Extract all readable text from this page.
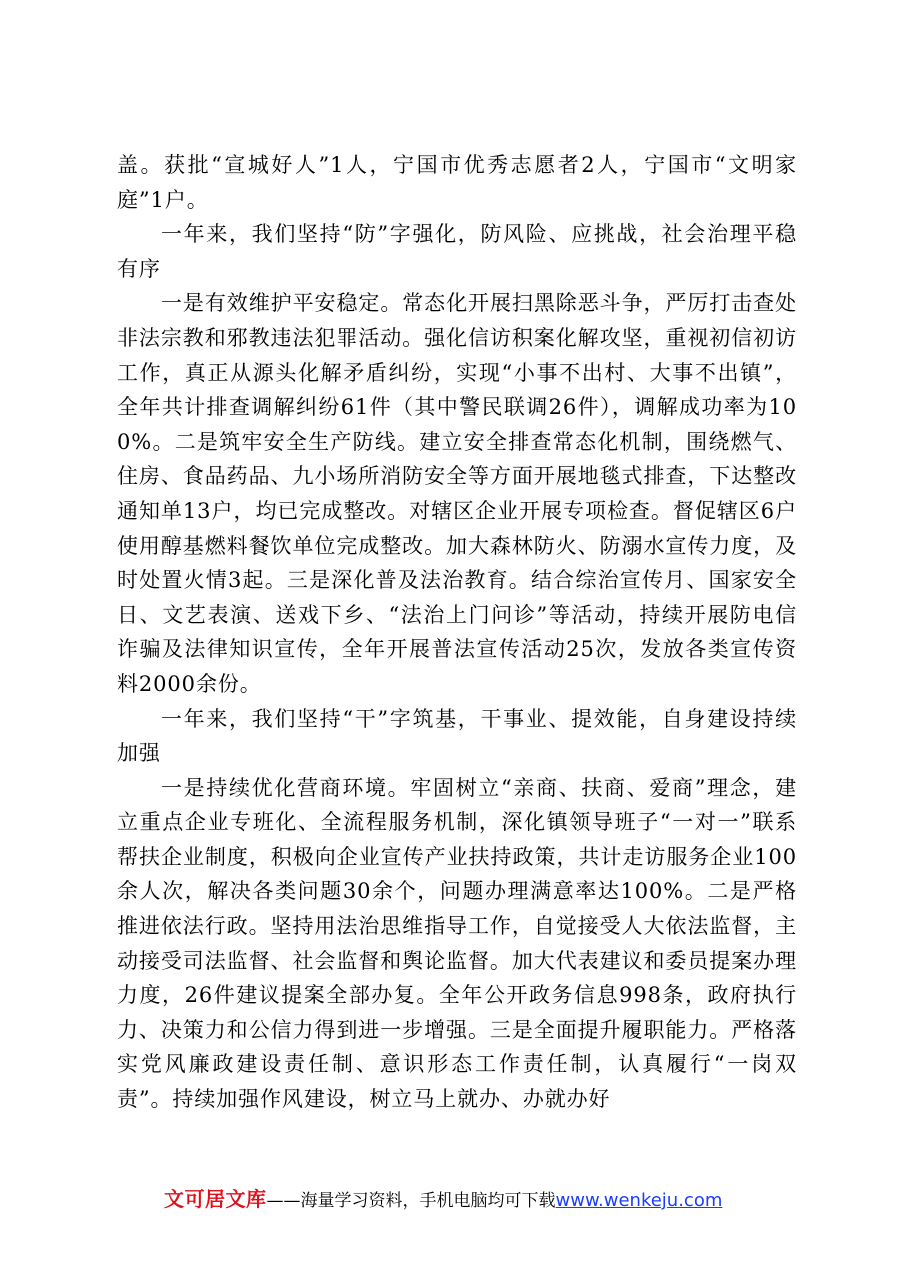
盖。获批“宣城好人”1人，宁国市优秀志愿者2人，宁国市“文明家庭”1户。

一年来，我们坚持“防”字强化，防风险、应挑战，社会治理平稳有序

一是有效维护平安稳定。常态化开展扫黑除恶斗争，严厉打击查处非法宗教和邪教违法犯罪活动。强化信访积案化解攻坚，重视初信初访工作，真正从源头化解矛盾纠纷，实现“小事不出村、大事不出镇”，全年共计排查调解纠纷61件（其中警民联调26件），调解成功率为100%。二是筑牢安全生产防线。建立安全排查常态化机制，围绕燃气、住房、食品药品、九小场所消防安全等方面开展地毯式排查，下达整改通知单13户，均已完成整改。对辖区企业开展专项检查。督促辖区6户使用醇基燃料餐饮单位完成整改。加大森林防火、防溺水宣传力度，及时处置火情3起。三是深化普及法治教育。结合综治宣传月、国家安全日、文艺表演、送戏下乡、“法治上门问诊”等活动，持续开展防电信诈骗及法律知识宣传，全年开展普法宣传活动25次，发放各类宣传资料2000余份。

一年来，我们坚持“干”字筑基，干事业、提效能，自身建设持续加强

一是持续优化营商环境。牢固树立“亲商、扶商、爱商”理念，建立重点企业专班化、全流程服务机制，深化镇领导班子“一对一”联系帮扶企业制度，积极向企业宣传产业扶持政策，共计走访服务企业100余人次，解决各类问题30余个，问题办理满意率达100%。二是严格推进依法行政。坚持用法治思维指导工作，自觉接受人大依法监督，主动接受司法监督、社会监督和舆论监督。加大代表建议和委员提案办理力度，26件建议提案全部办复。全年公开政务信息998条，政府执行力、决策力和公信力得到进一步增强。三是全面提升履职能力。严格落实党风廉政建设责任制、意识形态工作责任制，认真履行“一岗双责”。持续加强作风建设，树立马上就办、办就办好

文可居文库——海量学习资料，手机电脑均可下载www.wenkeju.com
